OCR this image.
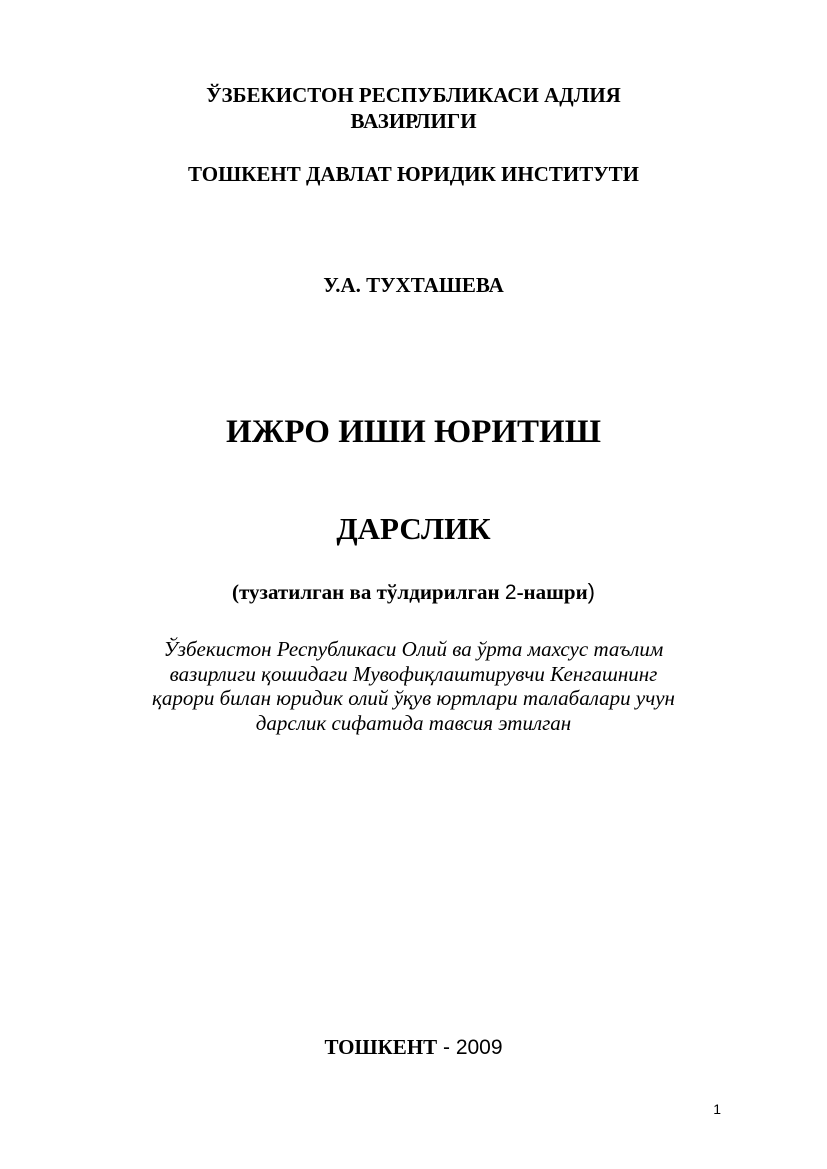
ЎЗБЕКИСТОН РЕСПУБЛИКАСИ АДЛИЯ
ВАЗИРЛИГИ
ТОШКЕНТ ДАВЛАТ ЮРИДИК ИНСТИТУТИ
У.А. ТУХТАШЕВА
ИЖРО ИШИ ЮРИТИШ
ДАРСЛИК
(тузатилган ва тўлдирилган 2-нашри)
Ўзбекистон Республикаси Олий ва ўрта махсус таълим
вазирлиги қошидаги Мувофиқлаштирувчи Кенгашнинг
қарори билан юридик олий ўқув юртлари талабалари учун
дарслик сифатида тавсия этилган
ТОШКЕНТ - 2009
1
